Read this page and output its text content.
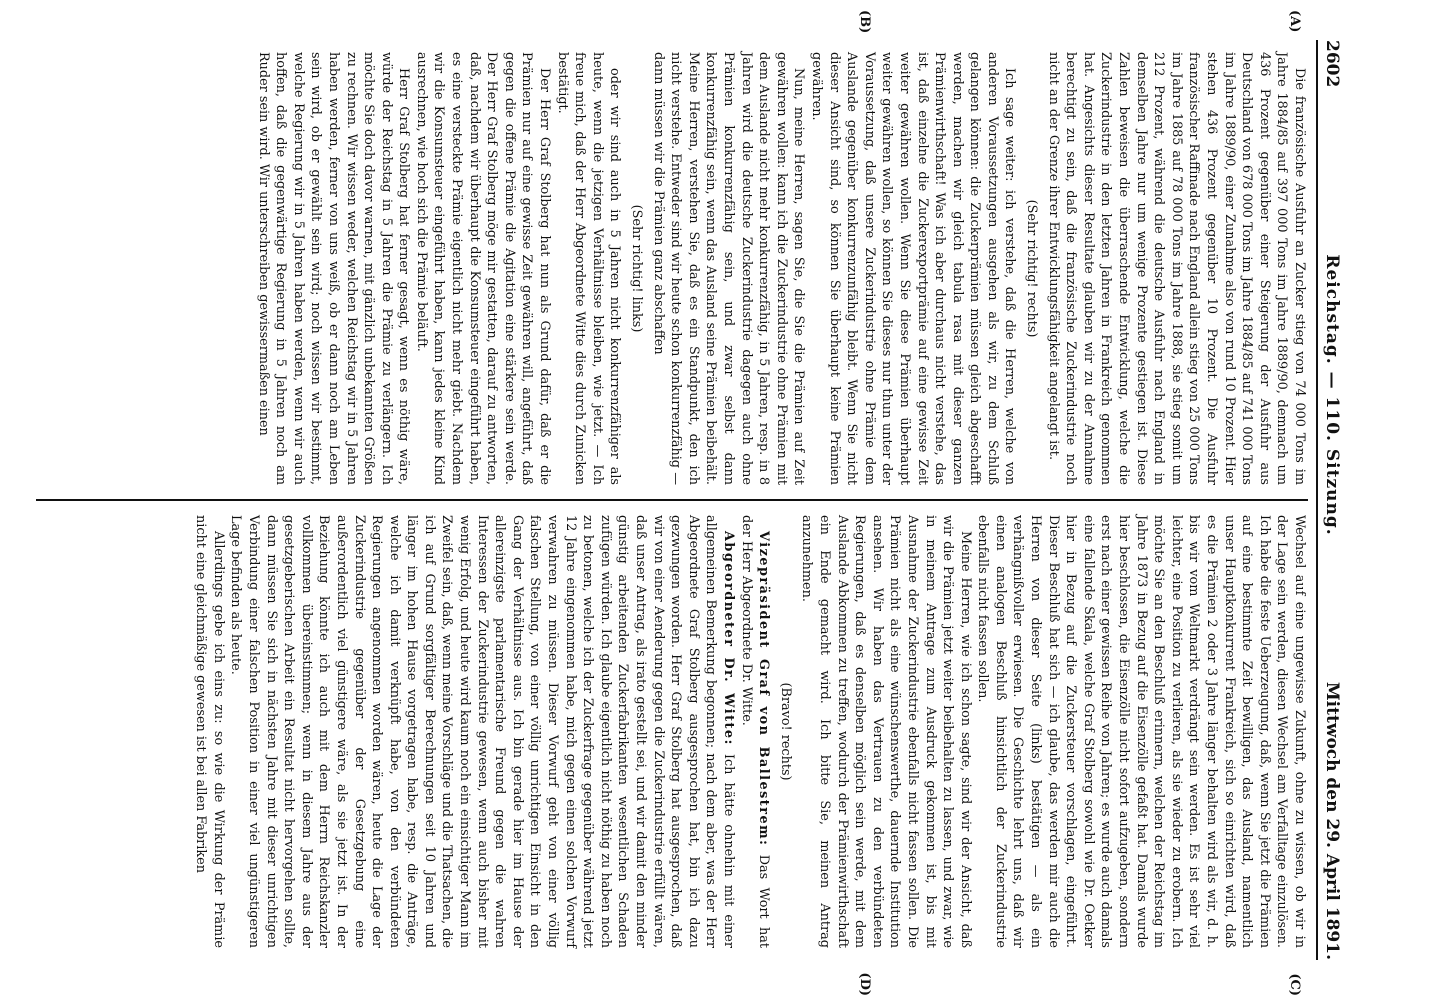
2602
Reichstag. — 110. Sitzung.
Mittwoch den 29. April 1891.
(A)
(B)
(C)
(D)

Die französische Ausfuhr an Zucker stieg von 74 000 Tons im Jahre 1884/85 auf 397 000 Tons im Jahre 1889/90, demnach um 436 Prozent gegenüber einer Steigerung der Ausfuhr aus Deutschland von 678 000 Tons im Jahre 1884/85 auf 741 000 Tons im Jahre 1889/90, einer Zunahme also von rund 10 Prozent. Hier stehen 436 Prozent gegenüber 10 Prozent. Die Ausfuhr französischer Raffinade nach England allein stieg von 25 000 Tons im Jahre 1885 auf 78 000 Tons im Jahre 1888, sie stieg somit um 212 Prozent, während die deutsche Ausfuhr nach England in demselben Jahre nur um wenige Prozente gestiegen ist. Diese Zahlen beweisen die überraschende Entwicklung, welche die Zuckerindustrie in den letzten Jahren in Frankreich genommen hat. Angesichts dieser Resultate glauben wir zu der Annahme berechtigt zu sein, daß die französische Zuckerindustrie noch nicht an der Grenze ihrer Entwicklungsfähigkeit angelangt ist.

(Sehr richtig! rechts)

Ich sage weiter: ich verstehe, daß die Herren, welche von anderen Voraussetzungen ausgehen als wir, zu dem Schluß gelangen können: die Zuckerprämien müssen gleich abgeschafft werden, machen wir gleich tabula rasa mit dieser ganzen Prämienwirthschaft! Was ich aber durchaus nicht verstehe, das ist, daß einzelne die Zuckerexportprämie auf eine gewisse Zeit weiter gewähren wollen. Wenn Sie diese Prämien überhaupt weiter gewähren wollen, so können Sie dieses nur thun unter der Voraussetzung, daß unsere Zuckerindustrie ohne Prämie dem Auslande gegenüber konkurrenzunfähig bleibt. Wenn Sie nicht dieser Ansicht sind, so können Sie überhaupt keine Prämien gewähren.

Nun, meine Herren, sagen Sie, die Sie die Prämien auf Zeit gewähren wollen: kann ich die Zuckerindustrie ohne Prämien mit dem Auslande nicht mehr konkurrenzfähig, in 5 Jahren, resp. in 8 Jahren wird die deutsche Zuckerindustrie dagegen auch ohne Prämien konkurrenzfähig sein, und zwar selbst dann konkurrenzfähig sein, wenn das Ausland seine Prämien beibehält. Meine Herren, verstehen Sie, daß es ein Standpunkt, den ich nicht verstehe. Entweder sind wir heute schon konkurrenzfähig — dann müssen wir die Prämien ganz abschaffen

(Sehr richtig! links)

oder wir sind auch in 5 Jahren nicht konkurrenzfähiger als heute, wenn die jetzigen Verhältnisse bleiben, wie jetzt. — Ich freue mich, daß der Herr Abgeordnete Witte dies durch Zunicken bestätigt.

Der Herr Graf Stolberg hat nun als Grund dafür, daß er die Prämien nur auf eine gewisse Zeit gewähren will, angeführt, daß gegen die offene Prämie die Agitation eine stärkere sein werde. Der Herr Graf Stolberg möge mir gestatten, darauf zu antworten, daß, nachdem wir überhaupt die Konsumsteuer eingeführt haben, es eine versteckte Prämie eigentlich nicht mehr giebt. Nachdem wir die Konsumsteuer eingeführt haben, kann jedes kleine Kind ausrechnen, wie hoch sich die Prämie beläuft.

Herr Graf Stolberg hat ferner gesagt, wenn es nöthig wäre, würde der Reichstag in 5 Jahren die Prämie zu verlängern. Ich möchte Sie doch davor warnen, mit gänzlich unbekannten Größen zu rechnen. Wir wissen weder, welchen Reichstag wir in 5 Jahren haben werden, ferner von uns weiß, ob er dann noch am Leben sein wird, ob er gewählt sein wird; noch wissen wir bestimmt, welche Regierung wir in 5 Jahren haben werden, wenn wir auch hoffen, daß die gegenwärtige Regierung in 5 Jahren noch am Ruder sein wird. Wir unterschreiben gewissermaßen einen

Wechsel auf eine ungewisse Zukunft, ohne zu wissen, ob wir in der Lage sein werden, diesen Wechsel am Verfalltage einzulösen. Ich habe die feste Ueberzeugung, daß, wenn Sie jetzt die Prämien auf eine bestimmte Zeit bewilligen, das Ausland, namentlich unser Hauptkonkurrent Frankreich, sich so einrichten wird, daß es die Prämien 2 oder 3 Jahre länger behalten wird als wir, d. h. bis wir vom Weltmarkt verdrängt sein werden. Es ist sehr viel leichter, eine Position zu verlieren, als sie wieder zu erobern. Ich möchte Sie an den Beschluß erinnern, welchen der Reichstag im Jahre 1873 in Bezug auf die Eisenzölle gefaßt hat. Damals wurde hier beschlossen, die Eisenzölle nicht sofort aufzugeben, sondern erst nach einer gewissen Reihe von Jahren; es wurde auch damals eine fallende Skala, welche Graf Stolberg sowohl wie Dr. Oetker hier in Bezug auf die Zuckersteuer vorschlagen, eingeführt. Dieser Beschluß hat sich — ich glaube, das werden mir auch die Herren von dieser Seite (links) bestätigen — als ein verhängnißvoller erwiesen. Die Geschichte lehrt uns, daß wir einen analogen Beschluß hinsichtlich der Zuckerindustrie ebenfalls nicht fassen sollen.

Meine Herren, wie ich schon sagte, sind wir der Ansicht, daß wir die Prämien jetzt weiter beibehalten zu lassen, und zwar, wie in meinem Antrage zum Ausdruck gekommen ist, bis mit Ausnahme der Zuckerindustrie ebenfalls nicht fassen sollen. Die Prämien nicht als eine wünschenswerthe, dauernde Institution ansehen. Wir haben das Vertrauen zu den verbündeten Regierungen, daß es denselben möglich sein werde, mit dem Auslande Abkommen zu treffen, wodurch der Prämienwirthschaft ein Ende gemacht wird. Ich bitte Sie, meinen Antrag anzunehmen.

(Bravo! rechts)

Vizepräsident Graf von Ballestrem: Das Wort hat der Herr Abgeordnete Dr. Witte.

Abgeordneter Dr. Witte: Ich hätte ohnehin mit einer allgemeinen Bemerkung begonnen; nach dem aber, was der Herr Abgeordnete Graf Stolberg ausgesprochen hat, bin ich dazu gezwungen worden. Herr Graf Stolberg hat ausgesprochen, daß wir von einer Aenderung gegen die Zuckerindustrie erfüllt wären, daß unser Antrag, als irato gestellt sei, und wir damit den minder günstig arbeitenden Zuckerfabrikanten wesentlichen Schaden zufügen würden. Ich glaube eigentlich nicht nöthig zu haben noch zu betonen, welche ich der Zuckerfrage gegenüber während jetzt 12 Jahre eingenommen habe, mich gegen einen solchen Vorwurf verwahren zu müssen. Dieser Vorwurf geht von einer völlig falschen Stellung, von einer völlig unrichtigen Einsicht in den Gang der Verhältnisse aus. Ich bin gerade hier im Hause der allereinzigste parlamentarische Freund gegen die wahren Interessen der Zuckerindustrie gewesen, wenn auch bisher mit wenig Erfolg, und heute wird kaum noch ein einsichtiger Mann im Zweifel sein, daß, wenn meine Vorschläge und die Thatsachen, die ich auf Grund sorgfältiger Berechnungen seit 10 Jahren und länger im hohen Hause vorgetragen habe, resp. die Anträge, welche ich damit verknüpft habe, von den verbündeten Regierungen angenommen worden wären, heute die Lage der Zuckerindustrie gegenüber der Gesetzgebung eine außerordentlich viel günstigere wäre, als sie jetzt ist. In der Beziehung könnte ich auch mit dem Herrn Reichskanzler vollkommen übereinstimmen; wenn in diesem Jahre aus der gesetzgeberischen Arbeit ein Resultat nicht hervorgehen sollte, dann müssen Sie sich in nächsten Jahre mit dieser unrichtigen Verbindung einer falschen Position in einer viel ungünstigeren Lage befinden als heute.

Allerdings gebe ich eins zu: so wie die Wirkung der Prämie nicht eine gleichmäßige gewesen ist bei allen Fabriken
